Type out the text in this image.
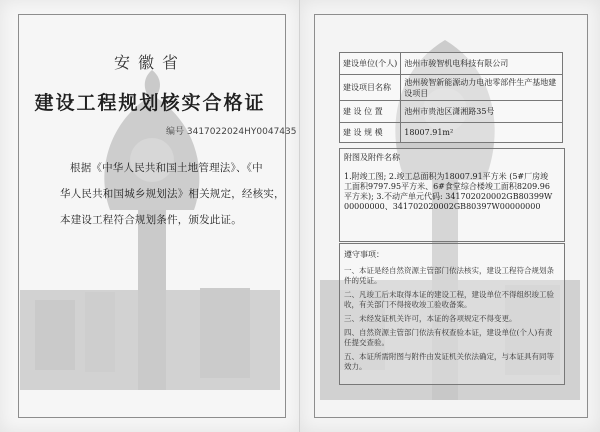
安徽省
建设工程规划核实合格证
编号 3417022024HY0047435
根据《中华人民共和国土地管理法》、《中
华人民共和国城乡规划法》相关规定，经核实，
本建设工程符合规划条件，颁发此证。
建设单位(个人)	池州市骏智机电科技有限公司
建设项目名称	池州骏智新能源动力电池零部件生产基地建设项目
建 设 位 置	池州市贵池区潇湘路35号
建 设 规 模	18007.91m²
附图及附件名称
1.附竣工图; 2.竣工总面积为18007.91平方米 (5#厂房竣工面积9797.95平方米、6#食堂综合楼竣工面积8209.96平方米); 3.不动产单元代码: 341702020002GB80399W00000000、341702020002GB80397W00000000
遵守事项：
一、本证是经自然资源主管部门依法核实，建设工程符合规划条件的凭证。
二、凡竣工后未取得本证的建设工程，建设单位不得组织竣工验收，有关部门不得接收竣工验收备案。
三、未经发证机关许可，本证的各项规定不得变更。
四、自然资源主管部门依法有权查验本证，建设单位(个人)有责任提交查验。
五、本证所需附图与附件由发证机关依法确定，与本证具有同等效力。
